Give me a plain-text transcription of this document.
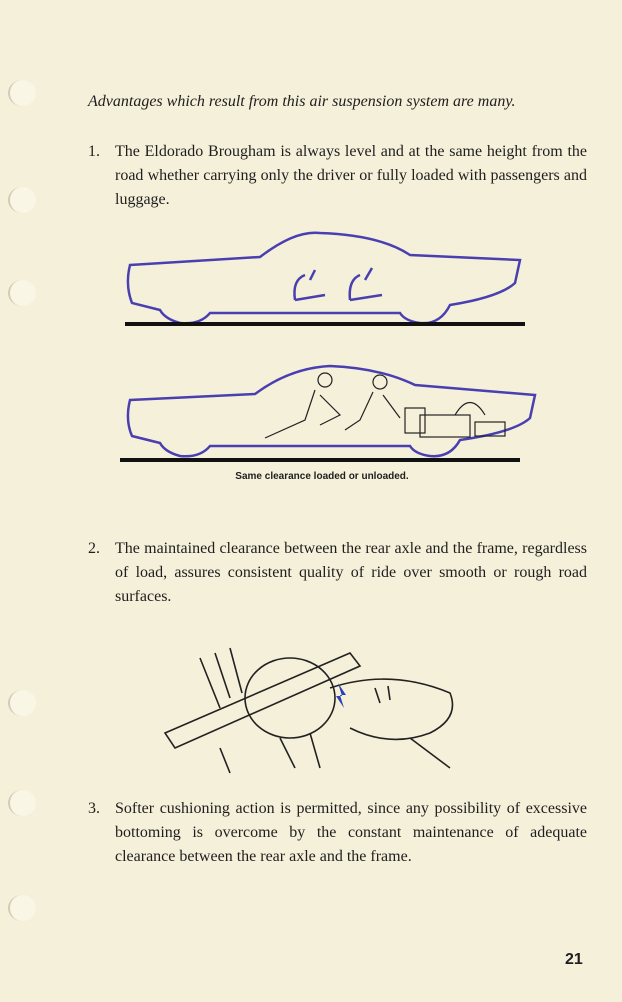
Advantages which result from this air suspension system are many.
1. The Eldorado Brougham is always level and at the same height from the road whether carrying only the driver or fully loaded with passengers and luggage.
Same clearance loaded or unloaded.
2. The maintained clearance between the rear axle and the frame, regardless of load, assures consistent quality of ride over smooth or rough road surfaces.
3. Softer cushioning action is permitted, since any possibility of excessive bottoming is overcome by the constant maintenance of adequate clearance between the rear axle and the frame.
21
